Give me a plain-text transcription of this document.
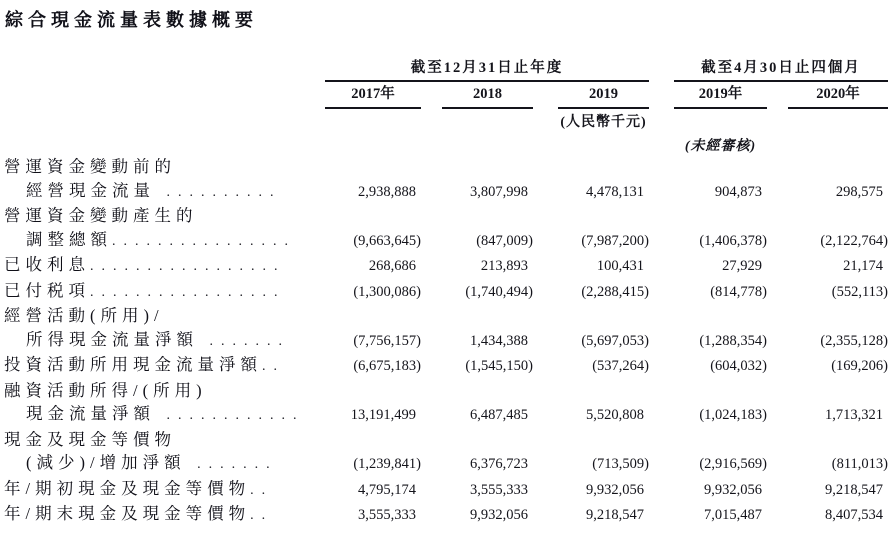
綜合現金流量表數據概要
	截至12月31日止年度						截至4月30日止四個月		
	2017年		2018		2019		2019年		2020年
					(人民幣千元)				
							(未經審核)		

營運資金變動前的
經營現金流量 ..........	2,938,888		3,807,998		4,478,131		904,873		298,575

營運資金變動產生的
調整總額................	(9,663,645)		(847,009)		(7,987,200)		(1,406,378)		(2,122,764)

已收利息.................	268,686		213,893		100,431		27,929		21,174

已付税項.................	(1,300,086)		(1,740,494)		(2,288,415)		(814,778)		(552,113)

經營活動(所用)/
所得現金流量淨額 .......	(7,756,157)		1,434,388		(5,697,053)		(1,288,354)		(2,355,128)

投資活動所用現金流量淨額..	(6,675,183)		(1,545,150)		(537,264)		(604,032)		(169,206)

融資活動所得/(所用)
現金流量淨額 ............	13,191,499		6,487,485		5,520,808		(1,024,183)		1,713,321

現金及現金等價物
(減少)/增加淨額 .......	(1,239,841)		6,376,723		(713,509)		(2,916,569)		(811,013)

年/期初現金及現金等價物..	4,795,174		3,555,333		9,932,056		9,932,056		9,218,547

年/期末現金及現金等價物..	3,555,333		9,932,056		9,218,547		7,015,487		8,407,534
